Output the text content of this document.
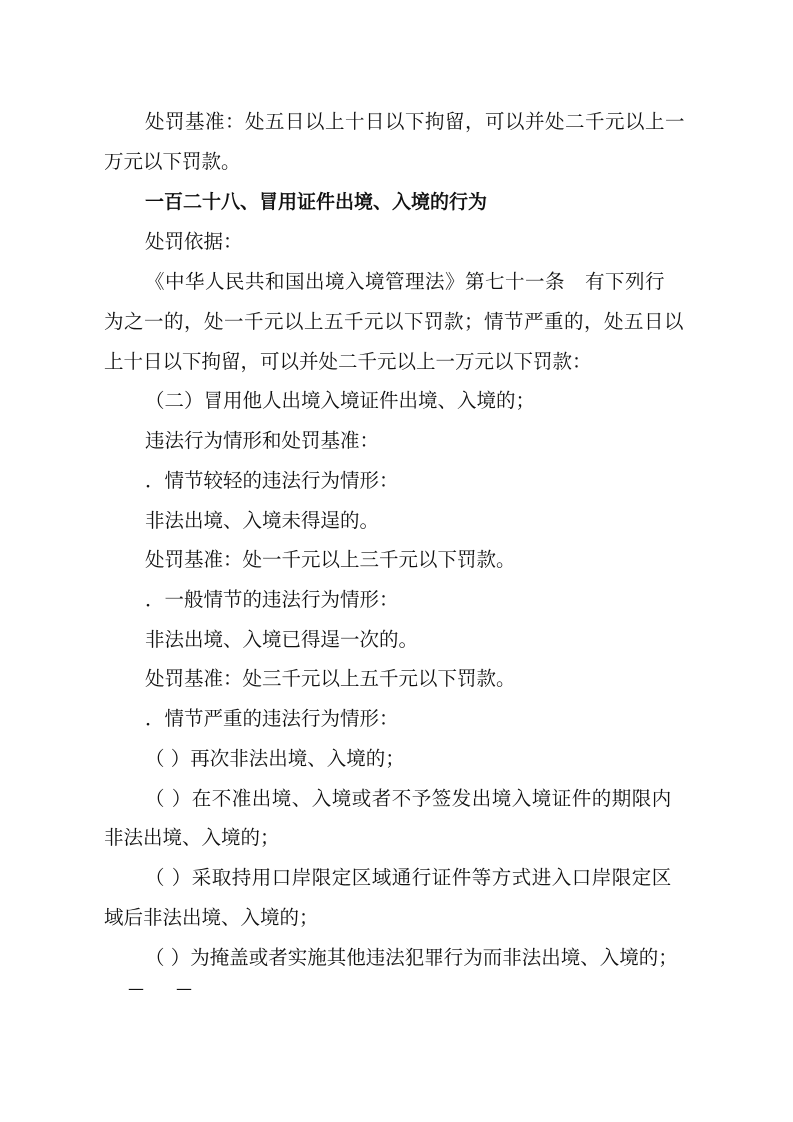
处罚基准：处五日以上十日以下拘留，可以并处二千元以上一

万元以下罚款。

一百二十八、冒用证件出境、入境的行为

处罚依据：

《中华人民共和国出境入境管理法》第七十一条　有下列行

为之一的，处一千元以上五千元以下罚款；情节严重的，处五日以

上十日以下拘留，可以并处二千元以上一万元以下罚款：

（二）冒用他人出境入境证件出境、入境的；

违法行为情形和处罚基准：

．情节较轻的违法行为情形：

非法出境、入境未得逞的。

处罚基准：处一千元以上三千元以下罚款。

．一般情节的违法行为情形：

非法出境、入境已得逞一次的。

处罚基准：处三千元以上五千元以下罚款。

．情节严重的违法行为情形：

（ ）再次非法出境、入境的；

（ ）在不准出境、入境或者不予签发出境入境证件的期限内

非法出境、入境的；

（ ）采取持用口岸限定区域通行证件等方式进入口岸限定区

域后非法出境、入境的；

（ ）为掩盖或者实施其他违法犯罪行为而非法出境、入境的；

—　　—
